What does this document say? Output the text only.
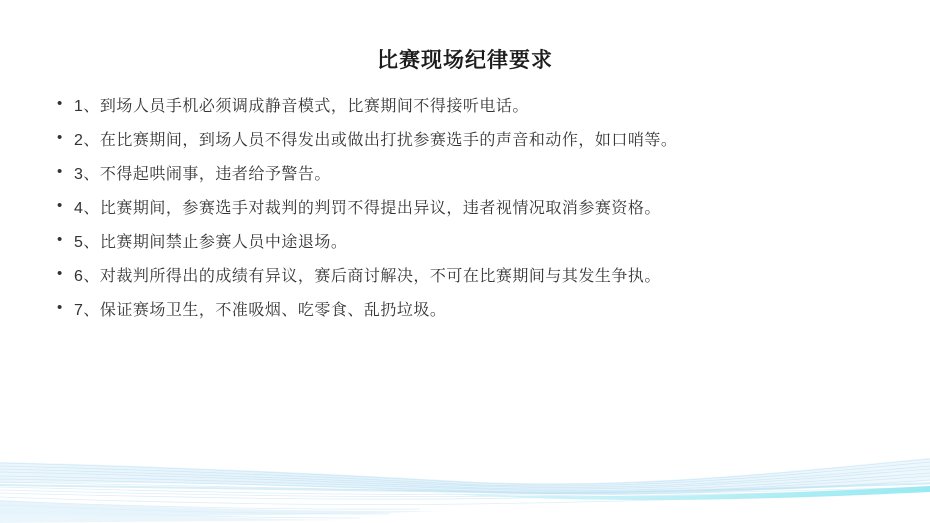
比赛现场纪律要求
• 1、到场人员手机必须调成静音模式，比赛期间不得接听电话。
• 2、在比赛期间，到场人员不得发出或做出打扰参赛选手的声音和动作，如口哨等。
• 3、不得起哄闹事，违者给予警告。
• 4、比赛期间，参赛选手对裁判的判罚不得提出异议，违者视情况取消参赛资格。
• 5、比赛期间禁止参赛人员中途退场。
• 6、对裁判所得出的成绩有异议，赛后商讨解决，不可在比赛期间与其发生争执。
• 7、保证赛场卫生，不准吸烟、吃零食、乱扔垃圾。
